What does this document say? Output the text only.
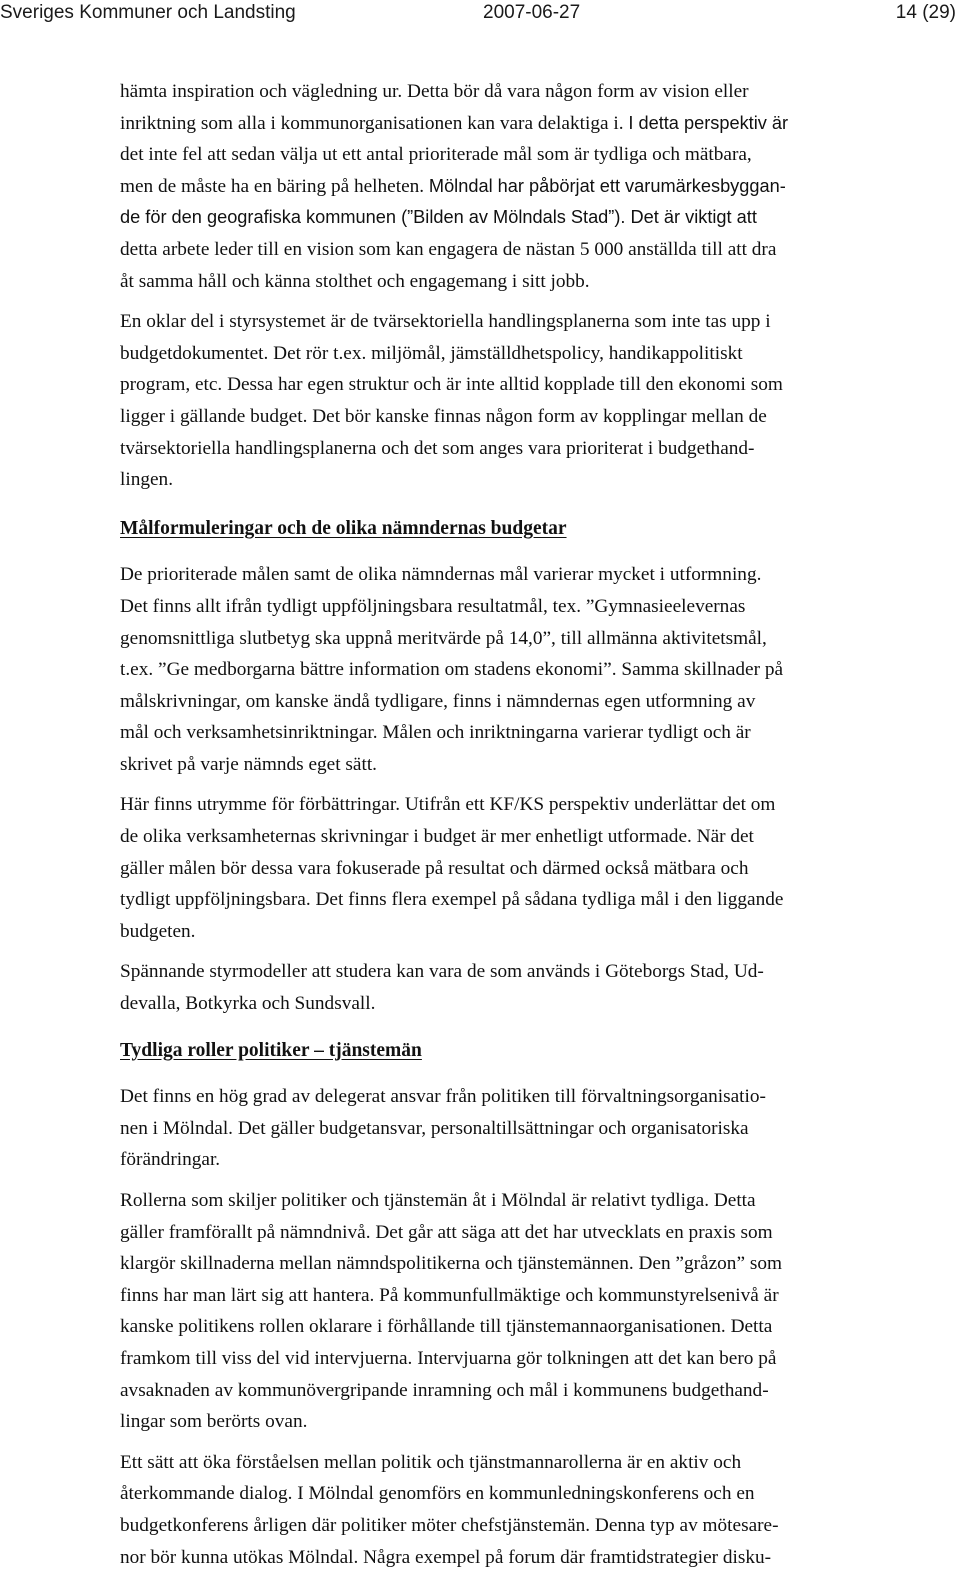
Sveriges Kommuner och Landsting	2007-06-27	14 (29)
hämta inspiration och vägledning ur. Detta bör då vara någon form av vision eller
inriktning som alla i kommunorganisationen kan vara delaktiga i. I detta perspektiv är
det inte fel att sedan välja ut ett antal prioriterade mål som är tydliga och mätbara,
men de måste ha en bäring på helheten. Mölndal har påbörjat ett varumärkesbyggan-
de för den geografiska kommunen (”Bilden av Mölndals Stad”). Det är viktigt att
detta arbete leder till en vision som kan engagera de nästan 5 000 anställda till att dra
åt samma håll och känna stolthet och engagemang i sitt jobb.
En oklar del i styrsystemet är de tvärsektoriella handlingsplanerna som inte tas upp i
budgetdokumentet. Det rör t.ex. miljömål, jämställdhetspolicy, handikappolitiskt
program, etc. Dessa har egen struktur och är inte alltid kopplade till den ekonomi som
ligger i gällande budget. Det bör kanske finnas någon form av kopplingar mellan de
tvärsektoriella handlingsplanerna och det som anges vara prioriterat i budgethand-
lingen.
Målformuleringar och de olika nämndernas budgetar
De prioriterade målen samt de olika nämndernas mål varierar mycket i utformning.
Det finns allt ifrån tydligt uppföljningsbara resultatmål, tex. ”Gymnasieelevernas
genomsnittliga slutbetyg ska uppnå meritvärde på 14,0”, till allmänna aktivitetsmål,
t.ex. ”Ge medborgarna bättre information om stadens ekonomi”. Samma skillnader på
målskrivningar, om kanske ändå tydligare, finns i nämndernas egen utformning av
mål och verksamhetsinriktningar. Målen och inriktningarna varierar tydligt och är
skrivet på varje nämnds eget sätt.
Här finns utrymme för förbättringar. Utifrån ett KF/KS perspektiv underlättar det om
de olika verksamheternas skrivningar i budget är mer enhetligt utformade. När det
gäller målen bör dessa vara fokuserade på resultat och därmed också mätbara och
tydligt uppföljningsbara. Det finns flera exempel på sådana tydliga mål i den liggande
budgeten.
Spännande styrmodeller att studera kan vara de som används i Göteborgs Stad, Ud-
devalla, Botkyrka och Sundsvall.
Tydliga roller politiker – tjänstemän
Det finns en hög grad av delegerat ansvar från politiken till förvaltningsorganisatio-
nen i Mölndal. Det gäller budgetansvar, personaltillsättningar och organisatoriska
förändringar.
Rollerna som skiljer politiker och tjänstemän åt i Mölndal är relativt tydliga. Detta
gäller framförallt på nämndnivå. Det går att säga att det har utvecklats en praxis som
klargör skillnaderna mellan nämndspolitikerna och tjänstemännen. Den ”gråzon” som
finns har man lärt sig att hantera. På kommunfullmäktige och kommunstyrelsenivå är
kanske politikens rollen oklarare i förhållande till tjänstemannaorganisationen. Detta
framkom till viss del vid intervjuerna. Intervjuarna gör tolkningen att det kan bero på
avsaknaden av kommunövergripande inramning och mål i kommunens budgethand-
lingar som berörts ovan.
Ett sätt att öka förståelsen mellan politik och tjänstmannarollerna är en aktiv och
återkommande dialog. I Mölndal genomförs en kommunledningskonferens och en
budgetkonferens årligen där politiker möter chefstjänstemän. Denna typ av mötesare-
nor bör kunna utökas Mölndal. Några exempel på forum där framtidstrategier disku-
